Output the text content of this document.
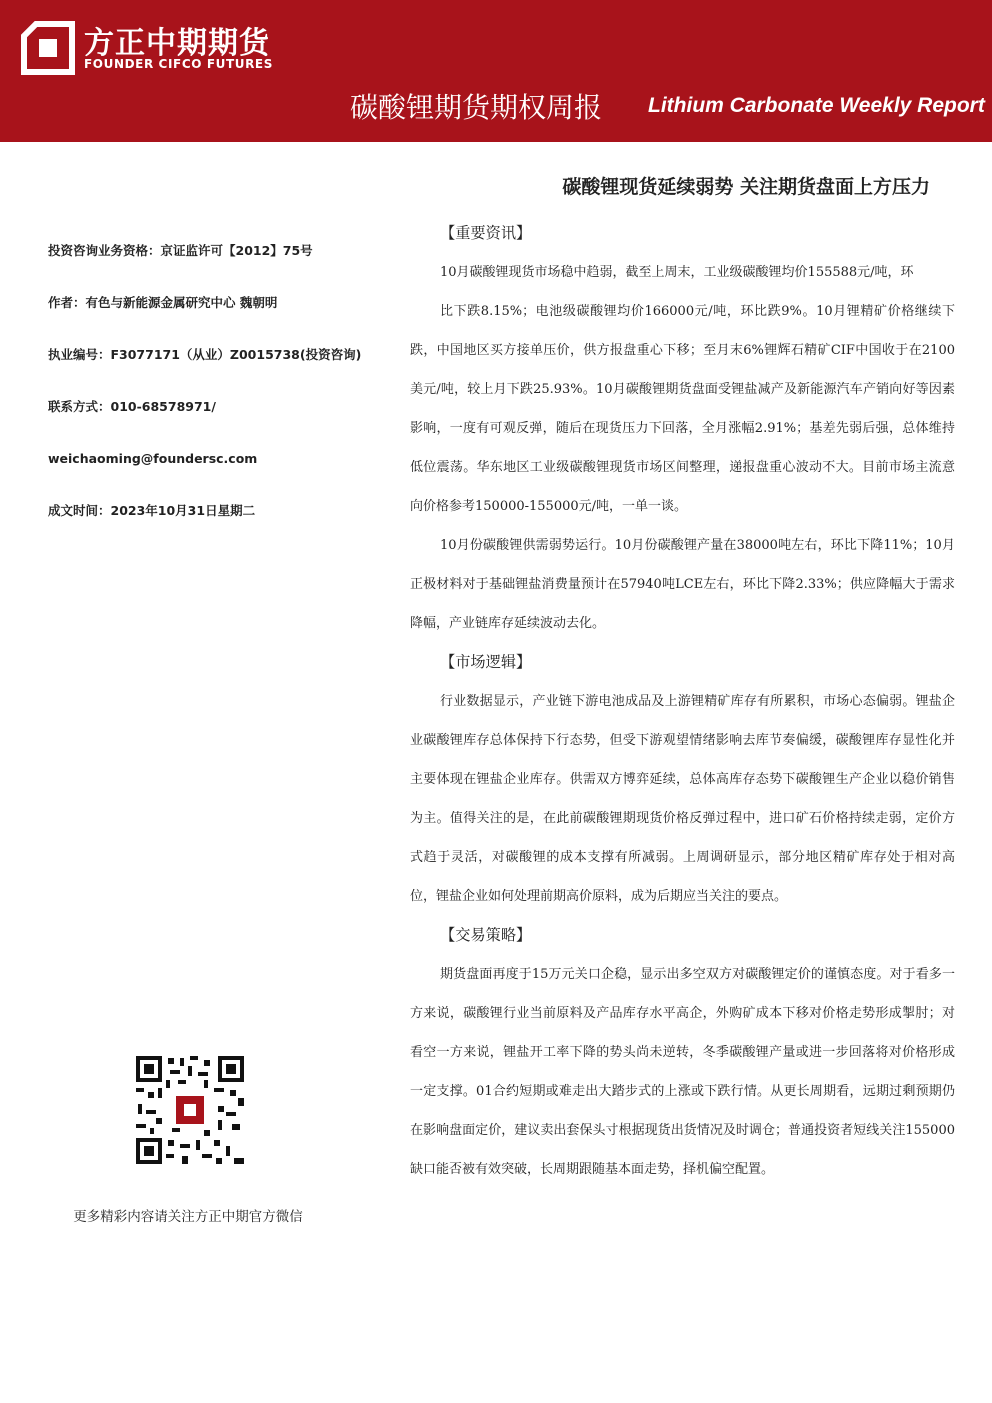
方正中期期货
FOUNDER CIFCO FUTURES
碳酸锂期货期权周报 Lithium Carbonate Weekly Report
碳酸锂现货延续弱势 关注期货盘面上方压力
投资咨询业务资格：京证监许可【2012】75号
作者：有色与新能源金属研究中心 魏朝明
执业编号：F3077171（从业）Z0015738(投资咨询)
联系方式：010-68578971/
weichaoming@foundersc.com
成文时间：2023年10月31日星期二
更多精彩内容请关注方正中期官方微信
【重要资讯】

10月碳酸锂现货市场稳中趋弱，截至上周末，工业级碳酸锂均价155588元/吨，环

比下跌8.15%；电池级碳酸锂均价166000元/吨，环比跌9%。10月锂精矿价格继续下跌，中国地区买方接单压价，供方报盘重心下移；至月末6%锂辉石精矿CIF中国收于在2100美元/吨，较上月下跌25.93%。10月碳酸锂期货盘面受锂盐减产及新能源汽车产销向好等因素影响，一度有可观反弹，随后在现货压力下回落，全月涨幅2.91%；基差先弱后强，总体维持低位震荡。华东地区工业级碳酸锂现货市场区间整理，递报盘重心波动不大。目前市场主流意向价格参考150000-155000元/吨，一单一谈。

10月份碳酸锂供需弱势运行。10月份碳酸锂产量在38000吨左右，环比下降11%；10月正极材料对于基础锂盐消费量预计在57940吨LCE左右，环比下降2.33%；供应降幅大于需求降幅，产业链库存延续波动去化。

【市场逻辑】

行业数据显示，产业链下游电池成品及上游锂精矿库存有所累积，市场心态偏弱。锂盐企业碳酸锂库存总体保持下行态势，但受下游观望情绪影响去库节奏偏缓，碳酸锂库存显性化并主要体现在锂盐企业库存。供需双方博弈延续，总体高库存态势下碳酸锂生产企业以稳价销售为主。值得关注的是，在此前碳酸锂期现货价格反弹过程中，进口矿石价格持续走弱，定价方式趋于灵活，对碳酸锂的成本支撑有所减弱。上周调研显示，部分地区精矿库存处于相对高位，锂盐企业如何处理前期高价原料，成为后期应当关注的要点。

【交易策略】

期货盘面再度于15万元关口企稳，显示出多空双方对碳酸锂定价的谨慎态度。对于看多一方来说，碳酸锂行业当前原料及产品库存水平高企，外购矿成本下移对价格走势形成掣肘；对看空一方来说，锂盐开工率下降的势头尚未逆转，冬季碳酸锂产量或进一步回落将对价格形成一定支撑。01合约短期或难走出大踏步式的上涨或下跌行情。从更长周期看，远期过剩预期仍在影响盘面定价，建议卖出套保头寸根据现货出货情况及时调仓；普通投资者短线关注155000缺口能否被有效突破，长周期跟随基本面走势，择机偏空配置。
